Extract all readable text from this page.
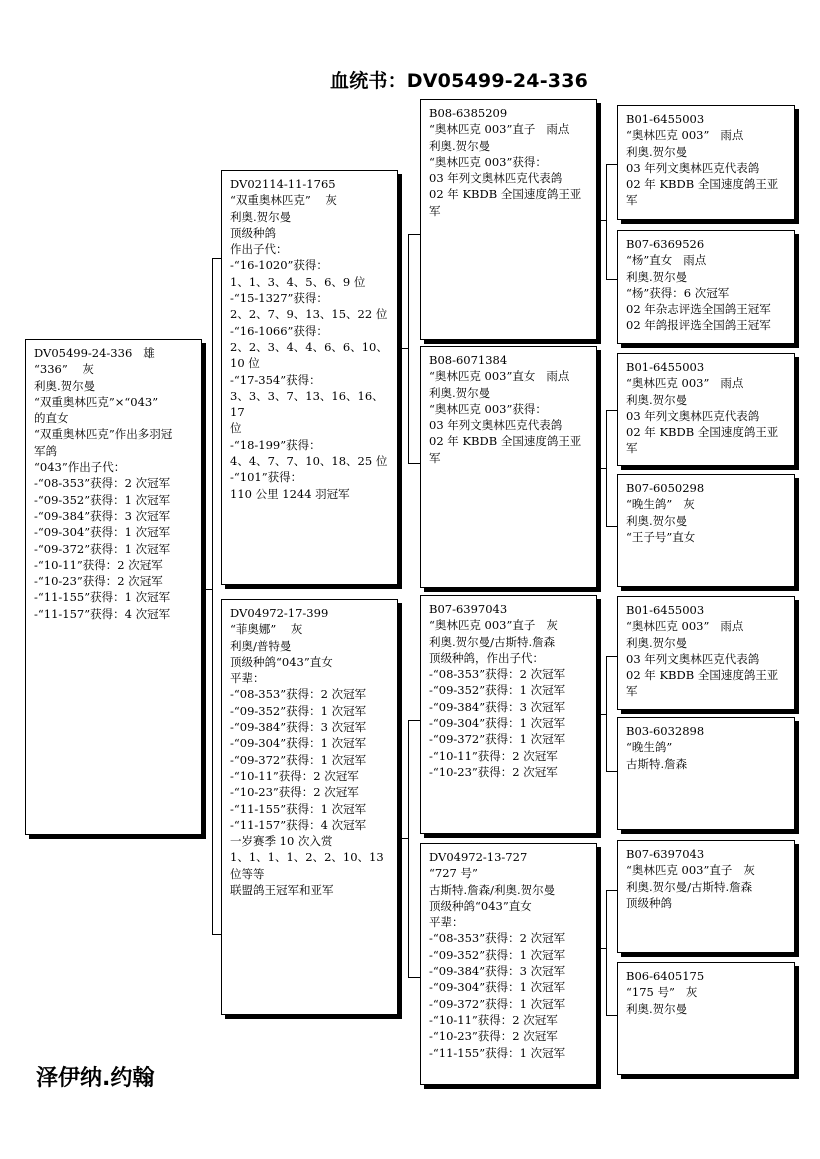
血统书：DV05499-24-336
DV05499-24-336   雄
“336”    灰
利奥.贺尔曼
“双重奥林匹克”×“043”
的直女
“双重奥林匹克”作出多羽冠
军鸽
“043”作出子代：
-“08-353”获得：2 次冠军
-“09-352”获得：1 次冠军
-“09-384”获得：3 次冠军
-“09-304”获得：1 次冠军
-“09-372”获得：1 次冠军
-“10-11”获得：2 次冠军
-“10-23”获得：2 次冠军
-“11-155”获得：1 次冠军
-“11-157”获得：4 次冠军
DV02114-11-1765
“双重奥林匹克”    灰
利奥.贺尔曼
顶级种鸽
作出子代：
-“16-1020”获得：
1、1、3、4、5、6、9 位
-“15-1327”获得：
2、2、7、9、13、15、22 位
-“16-1066”获得：
2、2、3、4、4、6、6、10、
10 位
-“17-354”获得：
3、3、3、7、13、16、16、17
位
-“18-199”获得：
4、4、7、7、10、18、25 位
-“101”获得：
110 公里 1244 羽冠军
DV04972-17-399
“菲奥娜”    灰
利奥/普特曼
顶级种鸽“043”直女
平辈：
-“08-353”获得：2 次冠军
-“09-352”获得：1 次冠军
-“09-384”获得：3 次冠军
-“09-304”获得：1 次冠军
-“09-372”获得：1 次冠军
-“10-11”获得：2 次冠军
-“10-23”获得：2 次冠军
-“11-155”获得：1 次冠军
-“11-157”获得：4 次冠军
一岁赛季 10 次入赏
1、1、1、1、2、2、10、13
位等等
联盟鸽王冠军和亚军
B08-6385209
“奥林匹克 003”直子   雨点
利奥.贺尔曼
“奥林匹克 003”获得：
03 年列文奥林匹克代表鸽
02 年 KBDB 全国速度鸽王亚军
B08-6071384
“奥林匹克 003”直女   雨点
利奥.贺尔曼
“奥林匹克 003”获得：
03 年列文奥林匹克代表鸽
02 年 KBDB 全国速度鸽王亚军
B07-6397043
“奥林匹克 003”直子   灰
利奥.贺尔曼/古斯特.詹森
顶级种鸽，作出子代：
-“08-353”获得：2 次冠军
-“09-352”获得：1 次冠军
-“09-384”获得：3 次冠军
-“09-304”获得：1 次冠军
-“09-372”获得：1 次冠军
-“10-11”获得：2 次冠军
-“10-23”获得：2 次冠军
DV04972-13-727
“727 号”
古斯特.詹森/利奥.贺尔曼
顶级种鸽“043”直女
平辈：
-“08-353”获得：2 次冠军
-“09-352”获得：1 次冠军
-“09-384”获得：3 次冠军
-“09-304”获得：1 次冠军
-“09-372”获得：1 次冠军
-“10-11”获得：2 次冠军
-“10-23”获得：2 次冠军
-“11-155”获得：1 次冠军
B01-6455003
“奥林匹克 003”   雨点
利奥.贺尔曼
03 年列文奥林匹克代表鸽
02 年 KBDB 全国速度鸽王亚军
B07-6369526
“杨”直女   雨点
利奥.贺尔曼
“杨”获得：6 次冠军
02 年杂志评选全国鸽王冠军
02 年鸽报评选全国鸽王冠军
B01-6455003
“奥林匹克 003”   雨点
利奥.贺尔曼
03 年列文奥林匹克代表鸽
02 年 KBDB 全国速度鸽王亚军
B07-6050298
“晚生鸽”   灰
利奥.贺尔曼
“王子号”直女
B01-6455003
“奥林匹克 003”   雨点
利奥.贺尔曼
03 年列文奥林匹克代表鸽
02 年 KBDB 全国速度鸽王亚军
B03-6032898
“晚生鸽”
古斯特.詹森
B07-6397043
“奥林匹克 003”直子   灰
利奥.贺尔曼/古斯特.詹森
顶级种鸽
B06-6405175
“175 号”   灰
利奥.贺尔曼
泽伊纳.约翰
